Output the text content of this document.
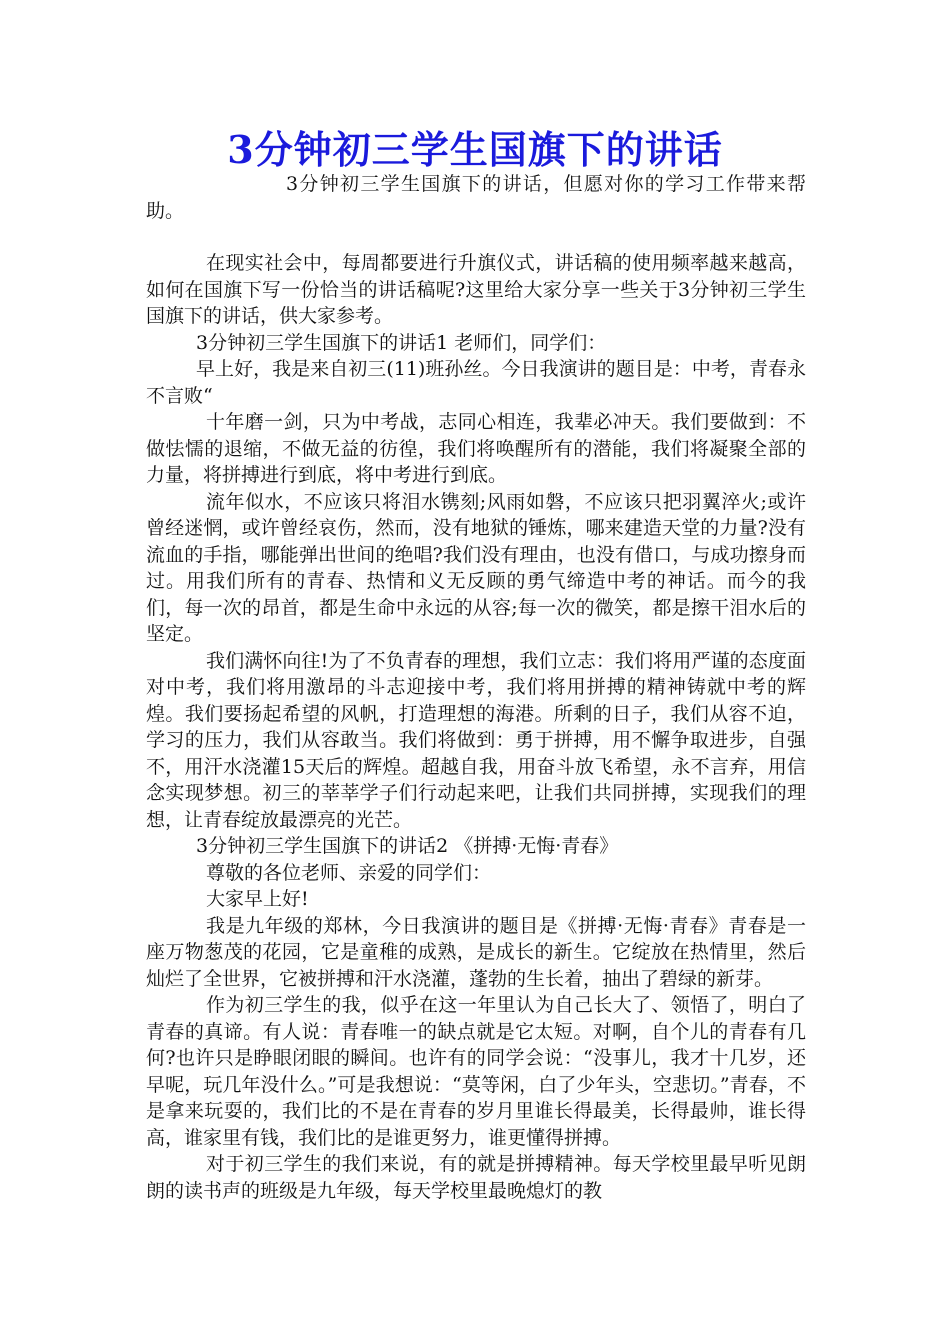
3分钟初三学生国旗下的讲话

3分钟初三学生国旗下的讲话，但愿对你的学习工作带来帮助。

在现实社会中，每周都要进行升旗仪式，讲话稿的使用频率越来越高，如何在国旗下写一份恰当的讲话稿呢?这里给大家分享一些关于3分钟初三学生国旗下的讲话，供大家参考。

3分钟初三学生国旗下的讲话1 老师们，同学们：

早上好，我是来自初三(11)班孙丝。今日我演讲的题目是：中考，青春永不言败“

十年磨一剑，只为中考战，志同心相连，我辈必冲天。我们要做到：不做怯懦的退缩，不做无益的彷徨，我们将唤醒所有的潜能，我们将凝聚全部的力量，将拼搏进行到底，将中考进行到底。

流年似水，不应该只将泪水镌刻;风雨如磐，不应该只把羽翼淬火;或许曾经迷惘，或许曾经哀伤，然而，没有地狱的锤炼，哪来建造天堂的力量?没有流血的手指，哪能弹出世间的绝唱?我们没有理由，也没有借口，与成功擦身而过。用我们所有的青春、热情和义无反顾的勇气缔造中考的神话。而今的我们，每一次的昂首，都是生命中永远的从容;每一次的微笑，都是擦干泪水后的坚定。

我们满怀向往!为了不负青春的理想，我们立志：我们将用严谨的态度面对中考，我们将用激昂的斗志迎接中考，我们将用拼搏的精神铸就中考的辉煌。我们要扬起希望的风帆，打造理想的海港。所剩的日子，我们从容不迫，学习的压力，我们从容敢当。我们将做到：勇于拼搏，用不懈争取进步，自强不，用汗水浇灌15天后的辉煌。超越自我，用奋斗放飞希望，永不言弃，用信念实现梦想。初三的莘莘学子们行动起来吧，让我们共同拼搏，实现我们的理想，让青春绽放最漂亮的光芒。

3分钟初三学生国旗下的讲话2 《拼搏·无悔·青春》

尊敬的各位老师、亲爱的同学们：

大家早上好!

我是九年级的郑林，今日我演讲的题目是《拼搏·无悔·青春》青春是一座万物葱茂的花园，它是童稚的成熟，是成长的新生。它绽放在热情里，然后灿烂了全世界，它被拼搏和汗水浇灌，蓬勃的生长着，抽出了碧绿的新芽。

作为初三学生的我，似乎在这一年里认为自己长大了、领悟了，明白了青春的真谛。有人说：青春唯一的缺点就是它太短。对啊，自个儿的青春有几何?也许只是睁眼闭眼的瞬间。也许有的同学会说：“没事儿，我才十几岁，还早呢，玩几年没什么。”可是我想说：“莫等闲，白了少年头，空悲切。”青春，不是拿来玩耍的，我们比的不是在青春的岁月里谁长得最美，长得最帅，谁长得高，谁家里有钱，我们比的是谁更努力，谁更懂得拼搏。

对于初三学生的我们来说，有的就是拼搏精神。每天学校里最早听见朗朗的读书声的班级是九年级，每天学校里最晚熄灯的教
